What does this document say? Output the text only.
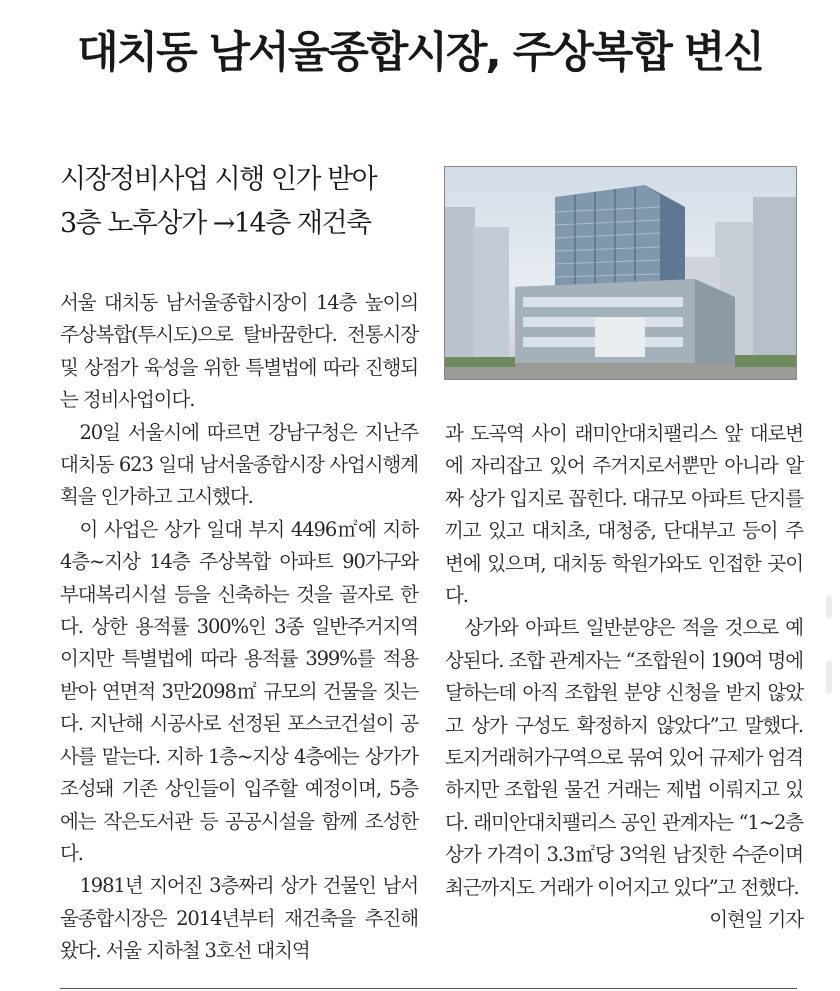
대치동 남서울종합시장, 주상복합 변신
시장정비사업 시행 인가 받아
3층 노후상가 →14층 재건축

서울 대치동 남서울종합시장이 14층 높이의 주상복합(투시도)으로 탈바꿈한다. 전통시장 및 상점가 육성을 위한 특별법에 따라 진행되는 정비사업이다.

20일 서울시에 따르면 강남구청은 지난주 대치동 623 일대 남서울종합시장 사업시행계획을 인가하고 고시했다.

이 사업은 상가 일대 부지 4496㎡에 지하 4층~지상 14층 주상복합 아파트 90가구와 부대복리시설 등을 신축하는 것을 골자로 한다. 상한 용적률 300%인 3종 일반주거지역이지만 특별법에 따라 용적률 399%를 적용받아 연면적 3만2098㎡ 규모의 건물을 짓는다. 지난해 시공사로 선정된 포스코건설이 공사를 맡는다. 지하 1층~지상 4층에는 상가가 조성돼 기존 상인들이 입주할 예정이며, 5층에는 작은도서관 등 공공시설을 함께 조성한다.

1981년 지어진 3층짜리 상가 건물인 남서울종합시장은 2014년부터 재건축을 추진해왔다. 서울 지하철 3호선 대치역

과 도곡역 사이 래미안대치팰리스 앞 대로변에 자리잡고 있어 주거지로서뿐만 아니라 알짜 상가 입지로 꼽힌다. 대규모 아파트 단지를 끼고 있고 대치초, 대청중, 단대부고 등이 주변에 있으며, 대치동 학원가와도 인접한 곳이다.

상가와 아파트 일반분양은 적을 것으로 예상된다. 조합 관계자는 “조합원이 190여 명에 달하는데 아직 조합원 분양 신청을 받지 않았고 상가 구성도 확정하지 않았다”고 말했다. 토지거래허가구역으로 묶여 있어 규제가 엄격하지만 조합원 물건 거래는 제법 이뤄지고 있다. 래미안대치팰리스 공인 관계자는 “1~2층 상가 가격이 3.3㎡당 3억원 남짓한 수준이며 최근까지도 거래가 이어지고 있다”고 전했다.
이현일 기자
